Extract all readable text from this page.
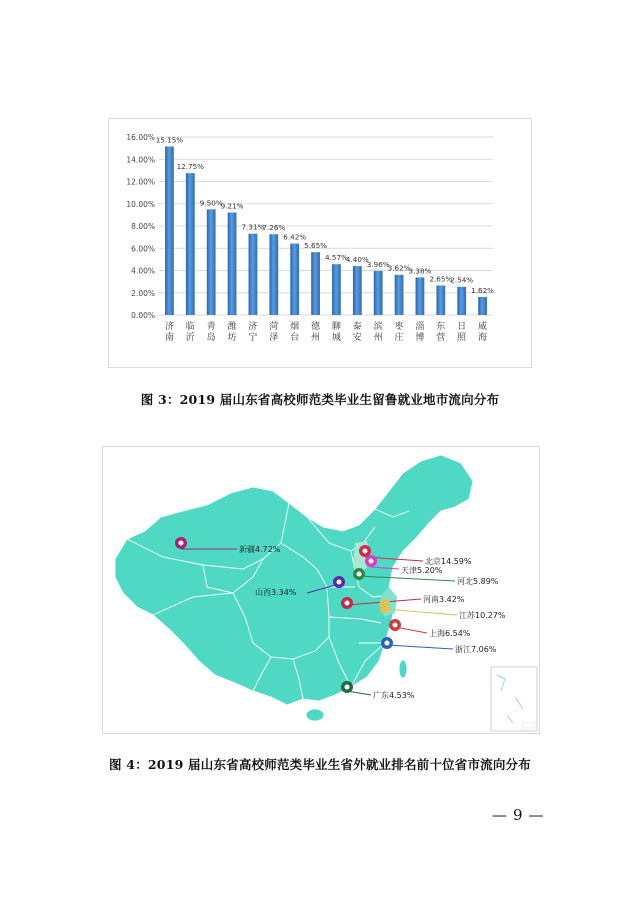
0.00%
2.00%
4.00%
6.00%
8.00%
10.00%
12.00%
14.00%
16.00% 15.15%
济南
12.75%
临沂
9.50%
青岛
9.21%
潍坊
7.31%
济宁
7.26%
菏泽
6.42%
烟台
5.65%
德州
4.57%
聊城
4.40%
泰安
3.96%
滨州
3.62%
枣庄
3.38%
淄博
2.65%
东营
2.54%
日照
1.62%
威海
图 3：2019 届山东省高校师范类毕业生留鲁就业地市流向分布
新疆4.72%
北京14.59%
天津5.20%
河北5.89%
山西3.34%
河南3.42%
江苏10.27%
上海6.54%
浙江7.06%
广东4.53%
图 4：2019 届山东省高校师范类毕业生省外就业排名前十位省市流向分布
— 9 —
